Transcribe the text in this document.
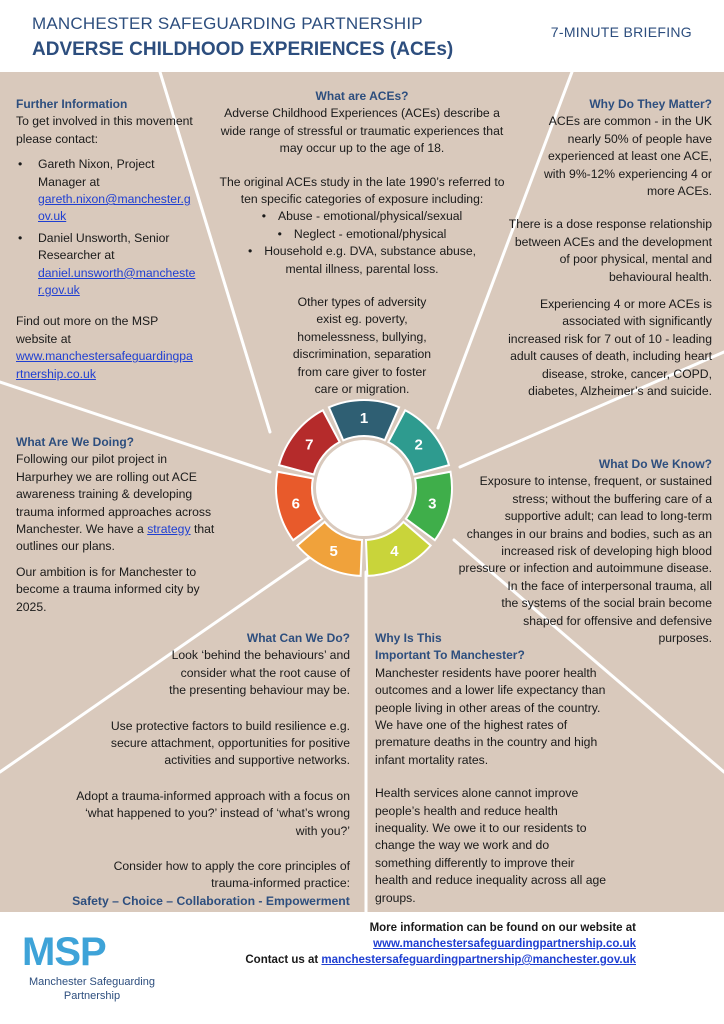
MANCHESTER SAFEGUARDING PARTNERSHIP
ADVERSE CHILDHOOD EXPERIENCES (ACEs)
7-MINUTE BRIEFING
1
2
3
4
5
6
7
Further Information

To get involved in this movement please contact:

• Gareth Nixon, Project Manager at
gareth.nixon@manchester.gov.uk
• Daniel Unsworth, Senior Researcher at
daniel.unsworth@manchester.gov.uk

Find out more on the MSP website at

www.manchestersafeguardingpartnership.co.uk
What are ACEs?

Adverse Childhood Experiences (ACEs) describe a wide range of stressful or traumatic experiences that may occur up to the age of 18.

The original ACEs study in the late 1990’s referred to ten specific categories of exposure including:

• Abuse - emotional/physical/sexual
• Neglect - emotional/physical
• Household e.g. DVA, substance abuse, mental illness, parental loss.

Other types of adversity exist eg. poverty, homelessness, bullying, discrimination, separation from care giver to foster care or migration.

Why Do They Matter?

ACEs are common - in the UK nearly 50% of people have experienced at least one ACE, with 9%-12% experiencing 4 or more ACEs.

There is a dose response relationship between ACEs and the development of poor physical, mental and behavioural health.

Experiencing 4 or more ACEs is associated with significantly increased risk for 7 out of 10 - leading adult causes of death, including heart disease, stroke, cancer, COPD, diabetes, Alzheimer’s and suicide.

What Are We Doing?

Following our pilot project in Harpurhey we are rolling out ACE awareness training & developing trauma informed approaches across Manchester. We have a strategy that outlines our plans.

Our ambition is for Manchester to become a trauma informed city by 2025.

What Do We Know?

Exposure to intense, frequent, or sustained stress; without the buffering care of a supportive adult; can lead to long-term changes in our brains and bodies, such as an increased risk of developing high blood pressure or infection and autoimmune disease.

In the face of interpersonal trauma, all the systems of the social brain become shaped for offensive and defensive purposes.

What Can We Do?

Look ‘behind the behaviours’ and consider what the root cause of the presenting behaviour may be.

Use protective factors to build resilience e.g. secure attachment, opportunities for positive activities and supportive networks.

Adopt a trauma-informed approach with a focus on ‘what happened to you?’ instead of ‘what’s wrong with you?’

Consider how to apply the core principles of trauma-informed practice:

Safety – Choice – Collaboration - Empowerment
Why Is This
Important To Manchester?

Manchester residents have poorer health outcomes and a lower life expectancy than people living in other areas of the country. We have one of the highest rates of premature deaths in the country and high infant mortality rates.

Health services alone cannot improve people’s health and reduce health inequality. We owe it to our residents to change the way we work and do something differently to improve their health and reduce inequality across all age groups.

MSP
Manchester Safeguarding Partnership
More information can be found on our website at
www.manchestersafeguardingpartnership.co.uk
Contact us at manchestersafeguardingpartnership@manchester.gov.uk
